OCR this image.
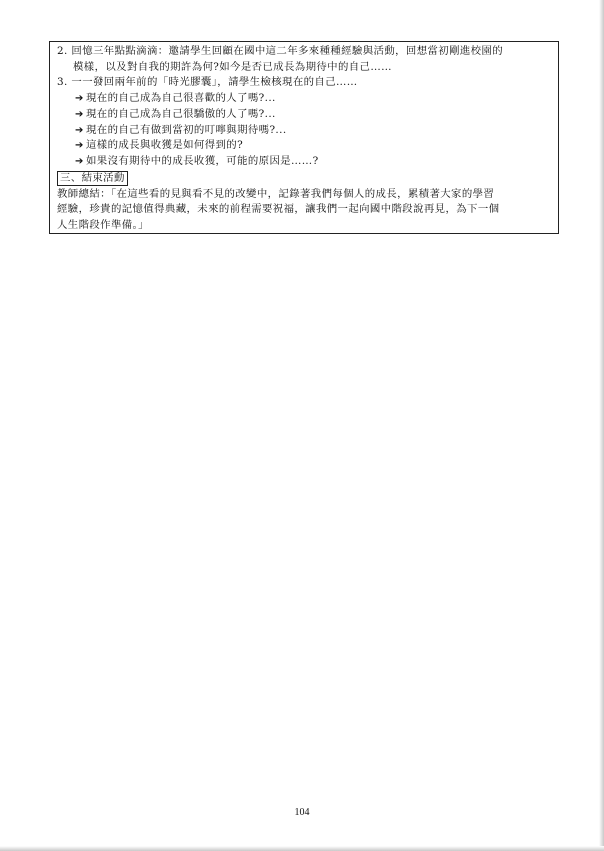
2. 回憶三年點點滴滴：邀請學生回顧在國中這二年多來種種經驗與活動，回想當初剛進校園的

模樣，以及對自我的期許為何?如今是否已成長為期待中的自己……

3. 一一發回兩年前的「時光膠囊」，請學生檢核現在的自己……

➔ 現在的自己成為自己很喜歡的人了嗎?...
➔ 現在的自己成為自己很驕傲的人了嗎?...
➔ 現在的自己有做到當初的叮嚀與期待嗎?...
➔ 這樣的成長與收獲是如何得到的?
➔ 如果沒有期待中的成長收獲，可能的原因是……?
三、結束活動

教師總結：「在這些看的見與看不見的改變中，記錄著我們每個人的成長，累積著大家的學習

經驗，珍貴的記憶值得典藏，未來的前程需要祝福，讓我們一起向國中階段說再見，為下一個

人生階段作準備。」

104
